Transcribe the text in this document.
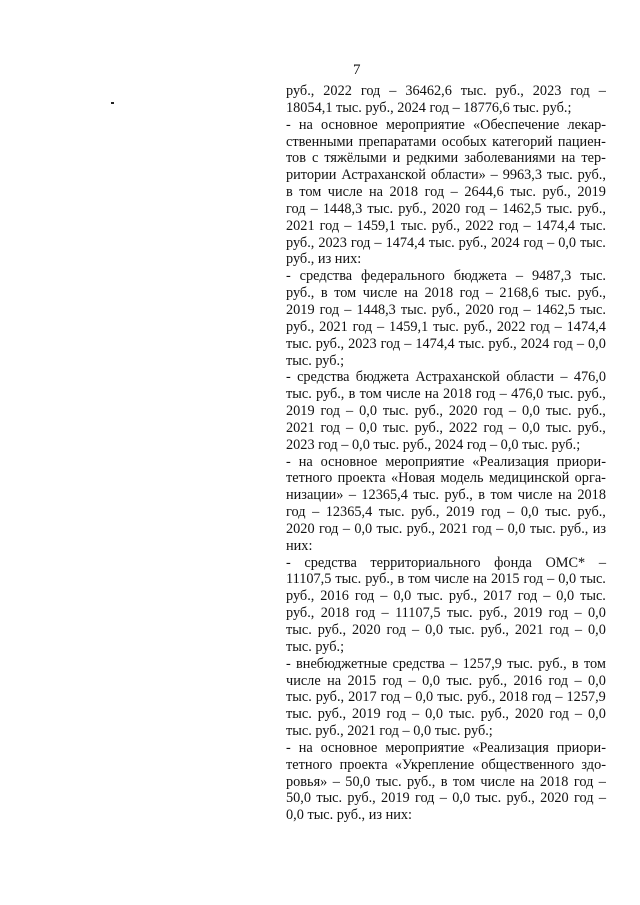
7
руб., 2022 год – 36462,6 тыс. руб., 2023 год –
18054,1 тыс. руб., 2024 год – 18776,6 тыс. руб.;
- на основное мероприятие «Обеспечение лекар-
ственными препаратами особых категорий пациен-
тов с тяжёлыми и редкими заболеваниями на тер-
ритории Астраханской области» – 9963,3 тыс. руб.,
в том числе на 2018 год – 2644,6 тыс. руб., 2019
год – 1448,3 тыс. руб., 2020 год – 1462,5 тыс. руб.,
2021 год – 1459,1 тыс. руб., 2022 год – 1474,4 тыс.
руб., 2023 год – 1474,4 тыс. руб., 2024 год – 0,0 тыс.
руб., из них:
- средства федерального бюджета – 9487,3 тыс.
руб., в том числе на 2018 год – 2168,6 тыс. руб.,
2019 год – 1448,3 тыс. руб., 2020 год – 1462,5 тыс.
руб., 2021 год – 1459,1 тыс. руб., 2022 год – 1474,4
тыс. руб., 2023 год – 1474,4 тыс. руб., 2024 год – 0,0
тыс. руб.;
- средства бюджета Астраханской области – 476,0
тыс. руб., в том числе на 2018 год – 476,0 тыс. руб.,
2019 год – 0,0 тыс. руб., 2020 год – 0,0 тыс. руб.,
2021 год – 0,0 тыс. руб., 2022 год – 0,0 тыс. руб.,
2023 год – 0,0 тыс. руб., 2024 год – 0,0 тыс. руб.;
- на основное мероприятие «Реализация приори-
тетного проекта «Новая модель медицинской орга-
низации» – 12365,4 тыс. руб., в том числе на 2018
год – 12365,4 тыс. руб., 2019 год – 0,0 тыс. руб.,
2020 год – 0,0 тыс. руб., 2021 год – 0,0 тыс. руб., из
них:
- средства территориального фонда ОМС* –
11107,5 тыс. руб., в том числе на 2015 год – 0,0 тыс.
руб., 2016 год – 0,0 тыс. руб., 2017 год – 0,0 тыс.
руб., 2018 год – 11107,5 тыс. руб., 2019 год – 0,0
тыс. руб., 2020 год – 0,0 тыс. руб., 2021 год – 0,0
тыс. руб.;
- внебюджетные средства – 1257,9 тыс. руб., в том
числе на 2015 год – 0,0 тыс. руб., 2016 год – 0,0
тыс. руб., 2017 год – 0,0 тыс. руб., 2018 год – 1257,9
тыс. руб., 2019 год – 0,0 тыс. руб., 2020 год – 0,0
тыс. руб., 2021 год – 0,0 тыс. руб.;
- на основное мероприятие «Реализация приори-
тетного проекта «Укрепление общественного здо-
ровья» – 50,0 тыс. руб., в том числе на 2018 год –
50,0 тыс. руб., 2019 год – 0,0 тыс. руб., 2020 год –
0,0 тыс. руб., из них:
